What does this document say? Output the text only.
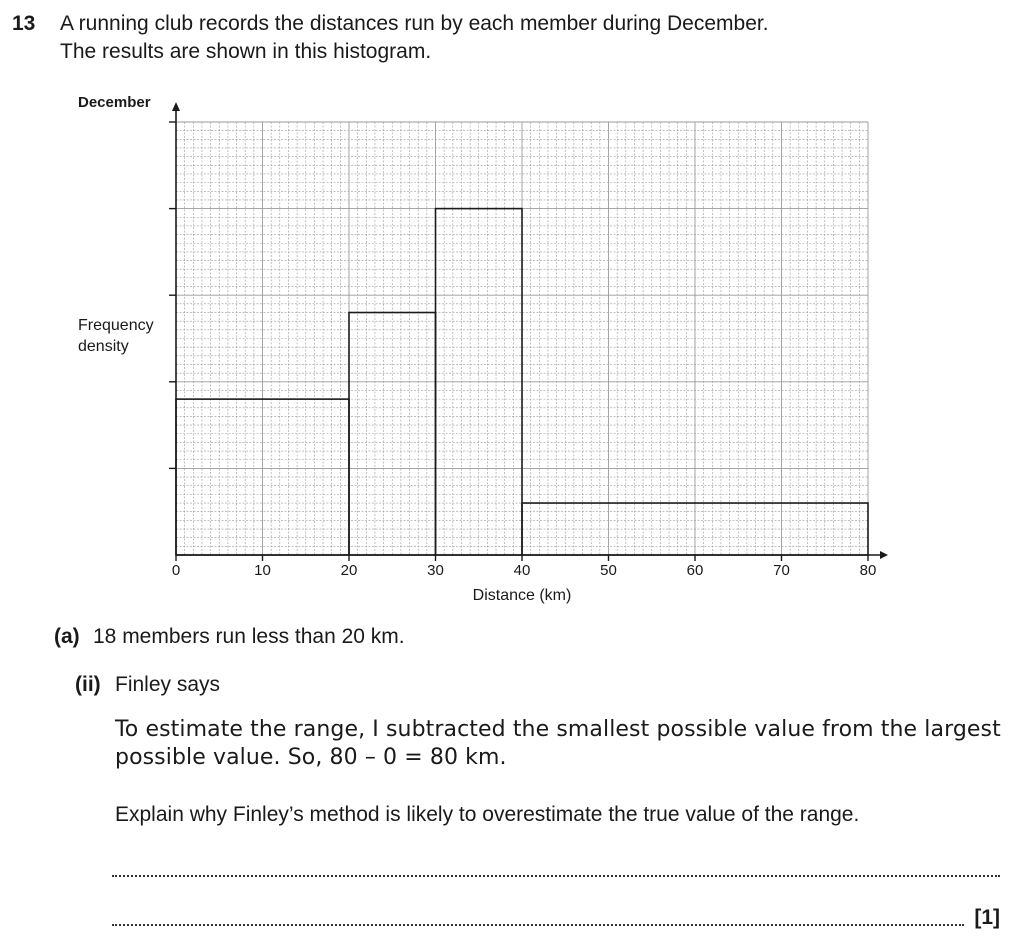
13 A running club records the distances run by each member during December.
The results are shown in this histogram.
0	10	20	30	40	50	60	70	80
December
Frequency
density
Distance (km)
(a) 18 members run less than 20 km.
(ii) Finley says
To estimate the range, I subtracted the smallest possible value from the largest
possible value. So, 80 – 0 = 80 km.
Explain why Finley’s method is likely to overestimate the true value of the range.
[1]
